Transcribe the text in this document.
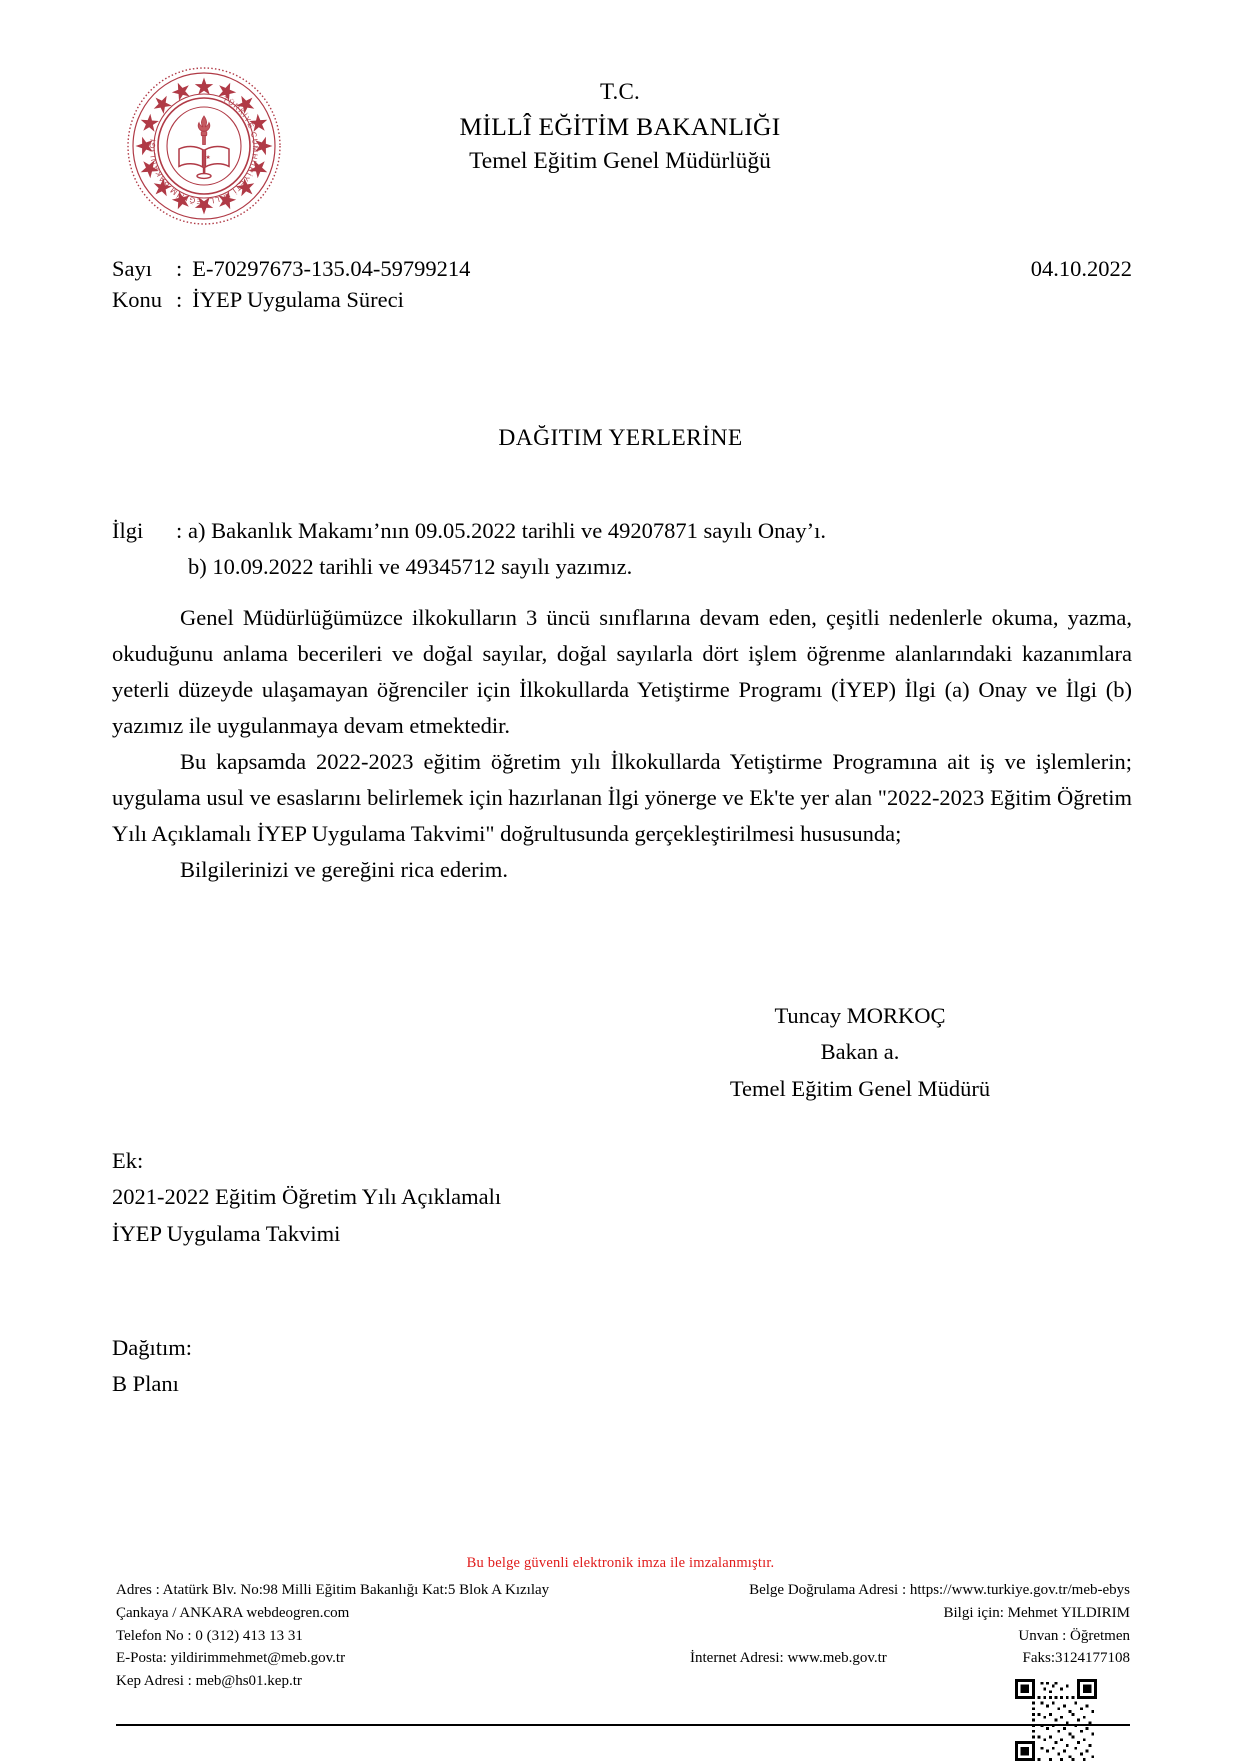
TÜRKİYE CUMHURİYETİ MİLLÎ EĞİTİM BAKANLIĞI
T.C.
MİLLÎ EĞİTİM BAKANLIĞI
Temel Eğitim Genel Müdürlüğü
Sayı : E-70297673-135.04-59799214	04.10.2022
Konu : İYEP Uygulama Süreci
DAĞITIM YERLERİNE
İlgi	: a) Bakanlık Makamı’nın 09.05.2022 tarihli ve 49207871 sayılı Onay’ı.
b) 10.09.2022 tarihli ve 49345712 sayılı yazımız.

Genel Müdürlüğümüzce ilkokulların 3 üncü sınıflarına devam eden, çeşitli nedenlerle okuma, yazma, okuduğunu anlama becerileri ve doğal sayılar, doğal sayılarla dört işlem öğrenme alanlarındaki kazanımlara yeterli düzeyde ulaşamayan öğrenciler için İlkokullarda Yetiştirme Programı (İYEP) İlgi (a) Onay ve İlgi (b) yazımız ile uygulanmaya devam etmektedir.

Bu kapsamda 2022-2023 eğitim öğretim yılı İlkokullarda Yetiştirme Programına ait iş ve işlemlerin; uygulama usul ve esaslarını belirlemek için hazırlanan İlgi yönerge ve Ek'te yer alan "2022-2023 Eğitim Öğretim Yılı Açıklamalı İYEP Uygulama Takvimi" doğrultusunda gerçekleştirilmesi hususunda;

Bilgilerinizi ve gereğini rica ederim.

Tuncay MORKOÇ
Bakan a.
Temel Eğitim Genel Müdürü
Ek:
2021-2022 Eğitim Öğretim Yılı Açıklamalı
İYEP Uygulama Takvimi
Dağıtım:
B Planı
Bu belge güvenli elektronik imza ile imzalanmıştır.
Adres : Atatürk Blv. No:98 Milli Eğitim Bakanlığı Kat:5 Blok A Kızılay
Çankaya / ANKARA webdeogren.com
Telefon No : 0 (312) 413 13 31
E-Posta: yildirimmehmet@meb.gov.tr
Kep Adresi : meb@hs01.kep.tr
Belge Doğrulama Adresi : https://www.turkiye.gov.tr/meb-ebys
Bilgi için: Mehmet YILDIRIM
Unvan : Öğretmen
İnternet Adresi: www.meb.gov.tr	Faks:3124177108
